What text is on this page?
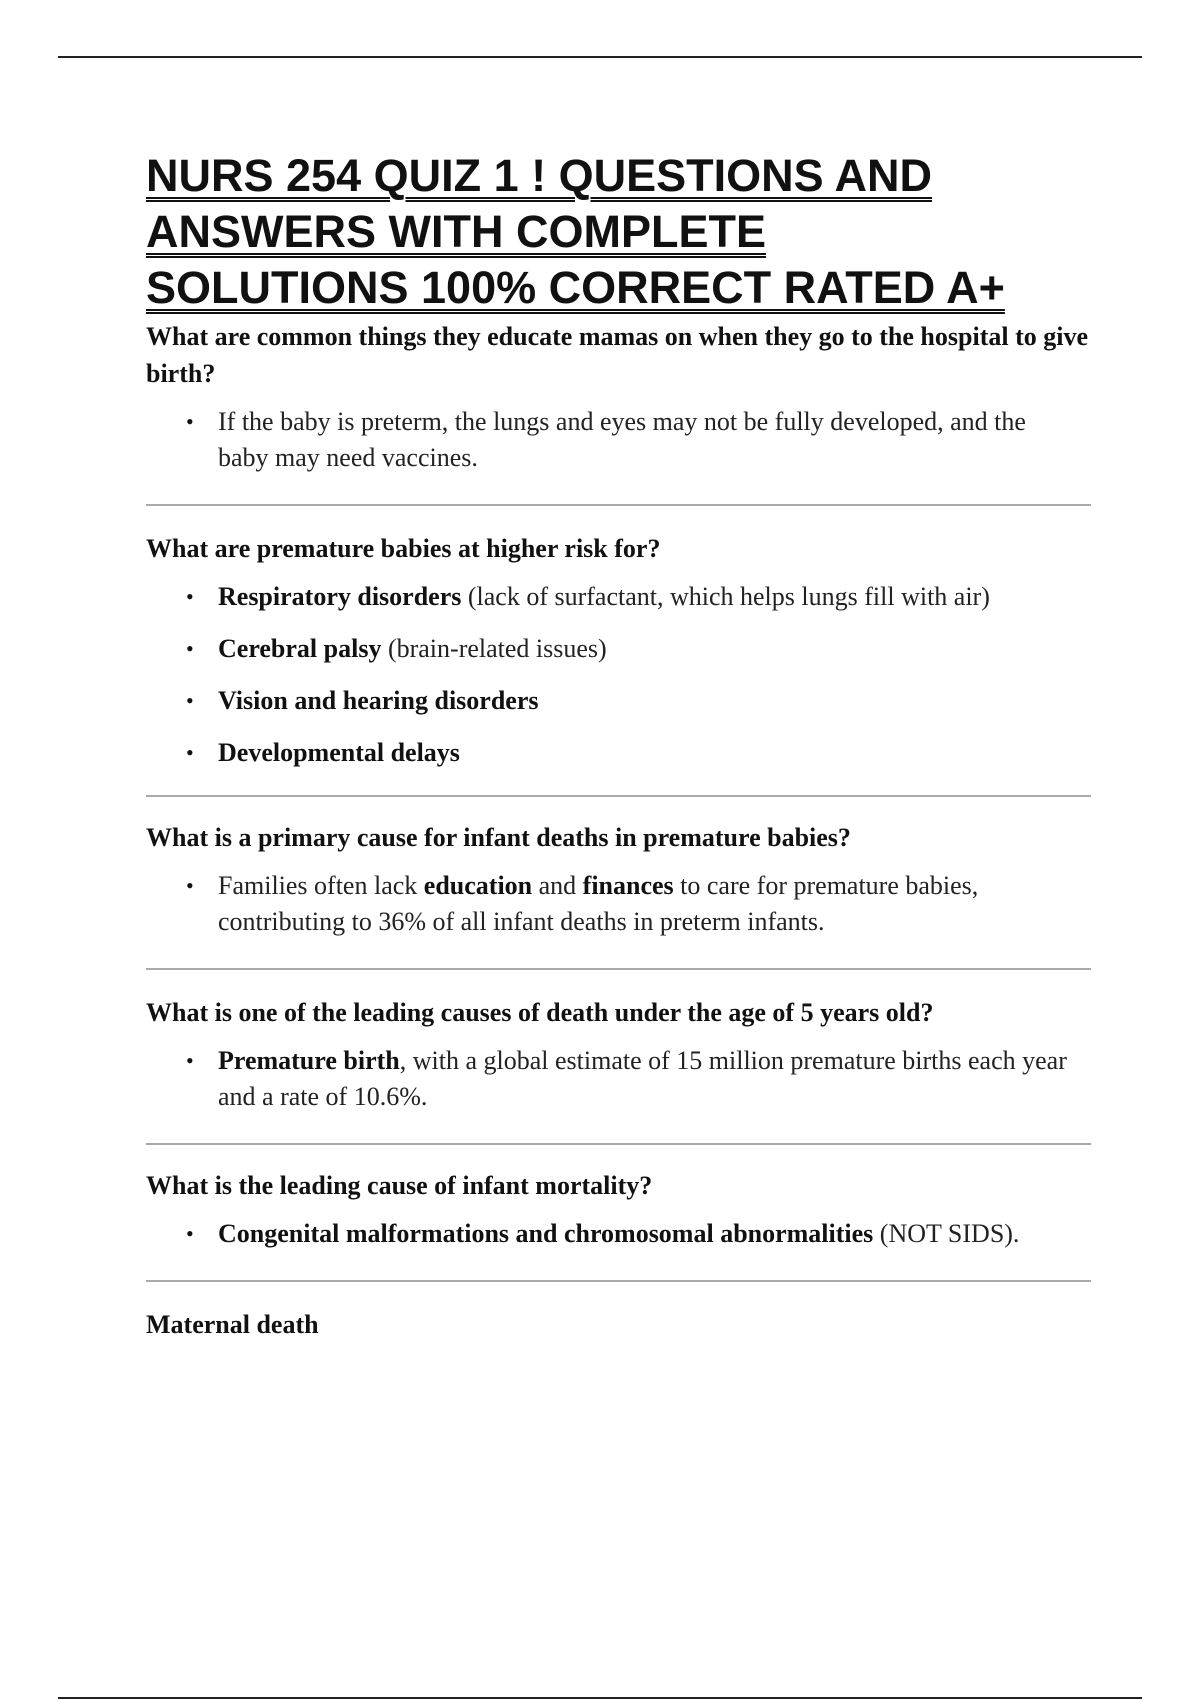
NURS 254 QUIZ 1 ! QUESTIONS AND
ANSWERS WITH COMPLETE
SOLUTIONS 100% CORRECT RATED A+

What are common things they educate mamas on when they go to the hospital to give birth?

• If the baby is preterm, the lungs and eyes may not be fully developed, and the baby may need vaccines.

What are premature babies at higher risk for?

• Respiratory disorders (lack of surfactant, which helps lungs fill with air)
• Cerebral palsy (brain-related issues)
• Vision and hearing disorders
• Developmental delays

What is a primary cause for infant deaths in premature babies?

• Families often lack education and finances to care for premature babies, contributing to 36% of all infant deaths in preterm infants.

What is one of the leading causes of death under the age of 5 years old?

• Premature birth, with a global estimate of 15 million premature births each year and a rate of 10.6%.

What is the leading cause of infant mortality?

• Congenital malformations and chromosomal abnormalities (NOT SIDS).

Maternal death
